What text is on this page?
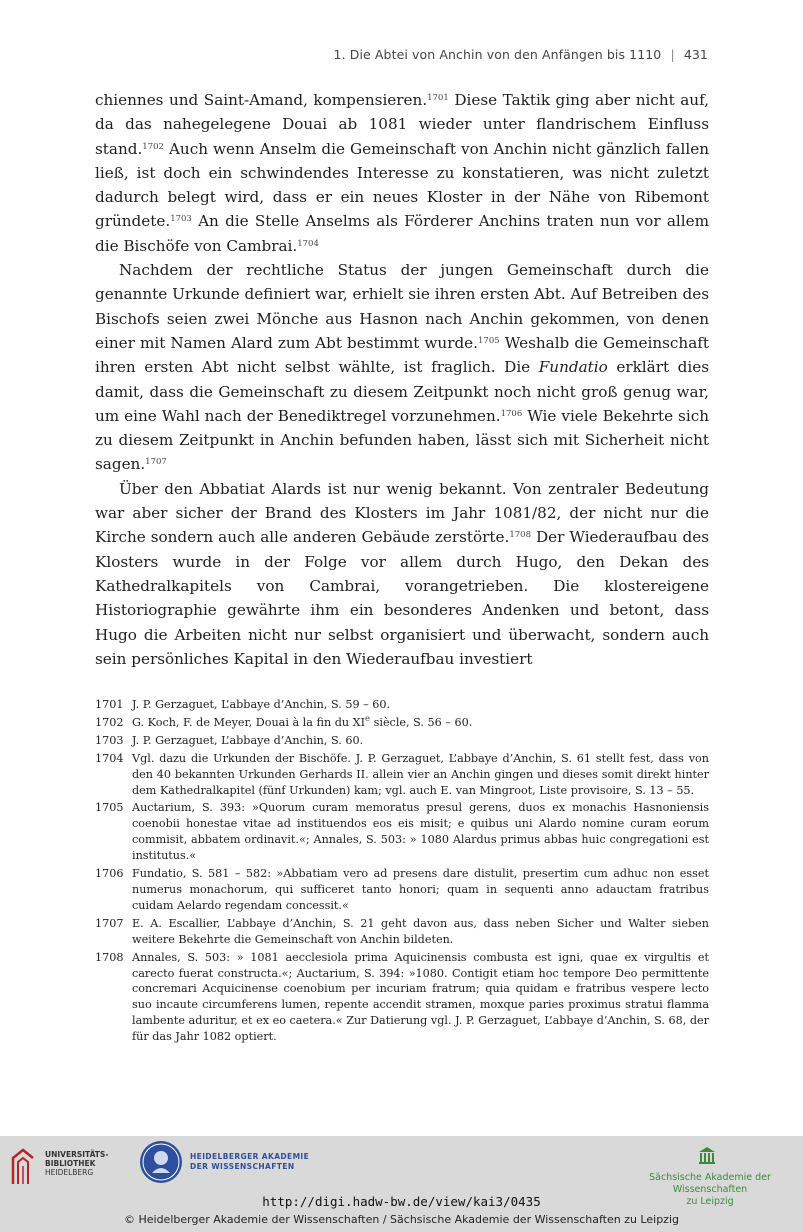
1. Die Abtei von Anchin von den Anfängen bis 1110 | 431

chiennes und Saint-Amand, kompensieren.$^{1701}$ Diese Taktik ging aber nicht auf, da das nahegelegene Douai ab 1081 wieder unter flandrischem Einfluss stand.$^{1702}$ Auch wenn Anselm die Gemeinschaft von Anchin nicht gänzlich fallen ließ, ist doch ein schwindendes Interesse zu konstatieren, was nicht zuletzt dadurch belegt wird, dass er ein neues Kloster in der Nähe von Ribemont gründete.$^{1703}$ An die Stelle Anselms als Förderer Anchins traten nun vor allem die Bischöfe von Cambrai.$^{1704}$

Nachdem der rechtliche Status der jungen Gemeinschaft durch die genannte Urkunde definiert war, erhielt sie ihren ersten Abt. Auf Betreiben des Bischofs seien zwei Mönche aus Hasnon nach Anchin gekommen, von denen einer mit Namen Alard zum Abt bestimmt wurde.$^{1705}$ Weshalb die Gemeinschaft ihren ersten Abt nicht selbst wählte, ist fraglich. Die Fundatio erklärt dies damit, dass die Gemeinschaft zu diesem Zeitpunkt noch nicht groß genug war, um eine Wahl nach der Benediktregel vorzunehmen.$^{1706}$ Wie viele Bekehrte sich zu diesem Zeitpunkt in Anchin befunden haben, lässt sich mit Sicherheit nicht sagen.$^{1707}$

Über den Abbatiat Alards ist nur wenig bekannt. Von zentraler Bedeutung war aber sicher der Brand des Klosters im Jahr 1081/82, der nicht nur die Kirche sondern auch alle anderen Gebäude zerstörte.$^{1708}$ Der Wiederaufbau des Klosters wurde in der Folge vor allem durch Hugo, den Dekan des Kathedralkapitels von Cambrai, vorangetrieben. Die klostereigene Historiographie gewährte ihm ein besonderes Andenken und betont, dass Hugo die Arbeiten nicht nur selbst organisiert und überwacht, sondern auch sein persönliches Kapital in den Wiederaufbau investiert

1701 J. P. Gerzaguet, L’abbaye d’Anchin, S. 59 – 60.
1702 G. Koch, F. de Meyer, Douai à la fin du XIe siècle, S. 56 – 60.
1703 J. P. Gerzaguet, L’abbaye d’Anchin, S. 60.
1704 Vgl. dazu die Urkunden der Bischöfe. J. P. Gerzaguet, L’abbaye d’Anchin, S. 61 stellt fest, dass von den 40 bekannten Urkunden Gerhards II. allein vier an Anchin gingen und dieses somit direkt hinter dem Kathedralkapitel (fünf Urkunden) kam; vgl. auch E. van Mingroot, Liste provisoire, S. 13 – 55.
1705 Auctarium, S. 393: »Quorum curam memoratus presul gerens, duos ex monachis Hasnoniensis coenobii honestae vitae ad instituendos eos eis misit; e quibus uni Alardo nomine curam eorum commisit, abbatem ordinavit.«; Annales, S. 503: » 1080 Alardus primus abbas huic congregationi est institutus.«
1706 Fundatio, S. 581 – 582: »Abbatiam vero ad presens dare distulit, presertim cum adhuc non esset numerus monachorum, qui sufficeret tanto honori; quam in sequenti anno adauctam fratribus cuidam Aelardo regendam concessit.«
1707 E. A. Escallier, L’abbaye d’Anchin, S. 21 geht davon aus, dass neben Sicher und Walter sieben weitere Bekehrte die Gemeinschaft von Anchin bildeten.
1708 Annales, S. 503: » 1081 aecclesiola prima Aquicinensis combusta est igni, quae ex virgultis et carecto fuerat constructa.«; Auctarium, S. 394: »1080. Contigit etiam hoc tempore Deo permittente concremari Acquicinense coenobium per incuriam fratrum; quia quidam e fratribus vespere lecto suo incaute circumferens lumen, repente accendit stramen, moxque paries proximus stratui flamma lambente aduritur, et ex eo caetera.« Zur Datierung vgl. J. P. Gerzaguet, L’abbaye d’Anchin, S. 68, der für das Jahr 1082 optiert.
UNIVERSITÄTS-
BIBLIOTHEK
HEIDELBERG
HEIDELBERGER AKADEMIE
DER WISSENSCHAFTEN
Sächsische Akademie der Wissenschaften
zu Leipzig
http://digi.hadw-bw.de/view/kai3/0435
© Heidelberger Akademie der Wissenschaften / Sächsische Akademie der Wissenschaften zu Leipzig
